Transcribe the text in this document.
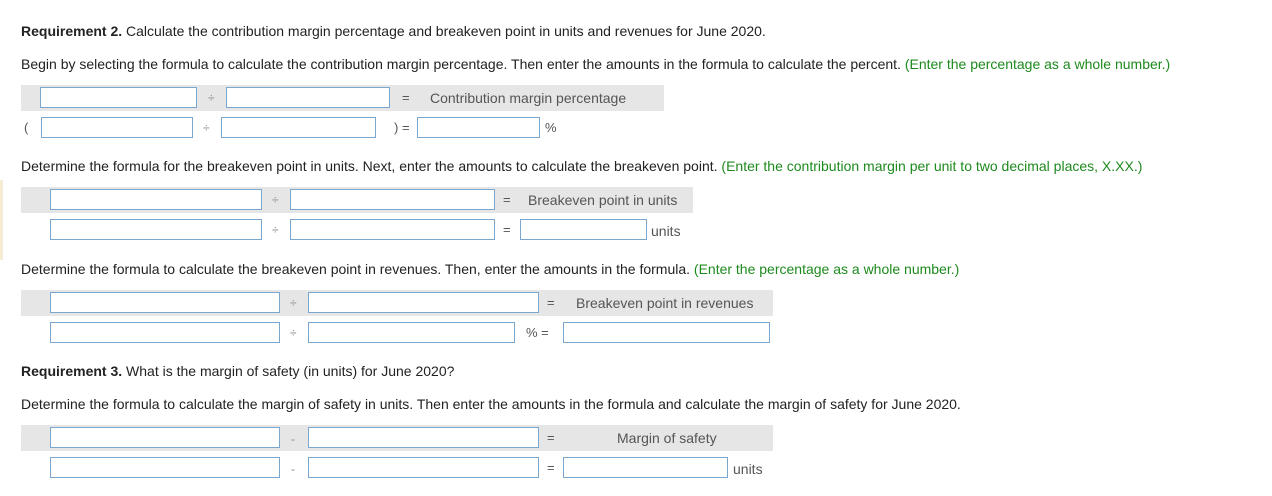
Requirement 2. Calculate the contribution margin percentage and breakeven point in units and revenues for June 2020.
Begin by selecting the formula to calculate the contribution margin percentage. Then enter the amounts in the formula to calculate the percent. (Enter the percentage as a whole number.)
÷	= Contribution margin percentage
(	÷	) =	%
Determine the formula for the breakeven point in units. Next, enter the amounts to calculate the breakeven point. (Enter the contribution margin per unit to two decimal places, X.XX.)
÷	= Breakeven point in units
÷	=	units
Determine the formula to calculate the breakeven point in revenues. Then, enter the amounts in the formula. (Enter the percentage as a whole number.)
÷	= Breakeven point in revenues
÷	% =
Requirement 3. What is the margin of safety (in units) for June 2020?
Determine the formula to calculate the margin of safety in units. Then enter the amounts in the formula and calculate the margin of safety for June 2020.
-	=	Margin of safety
-	=	units
